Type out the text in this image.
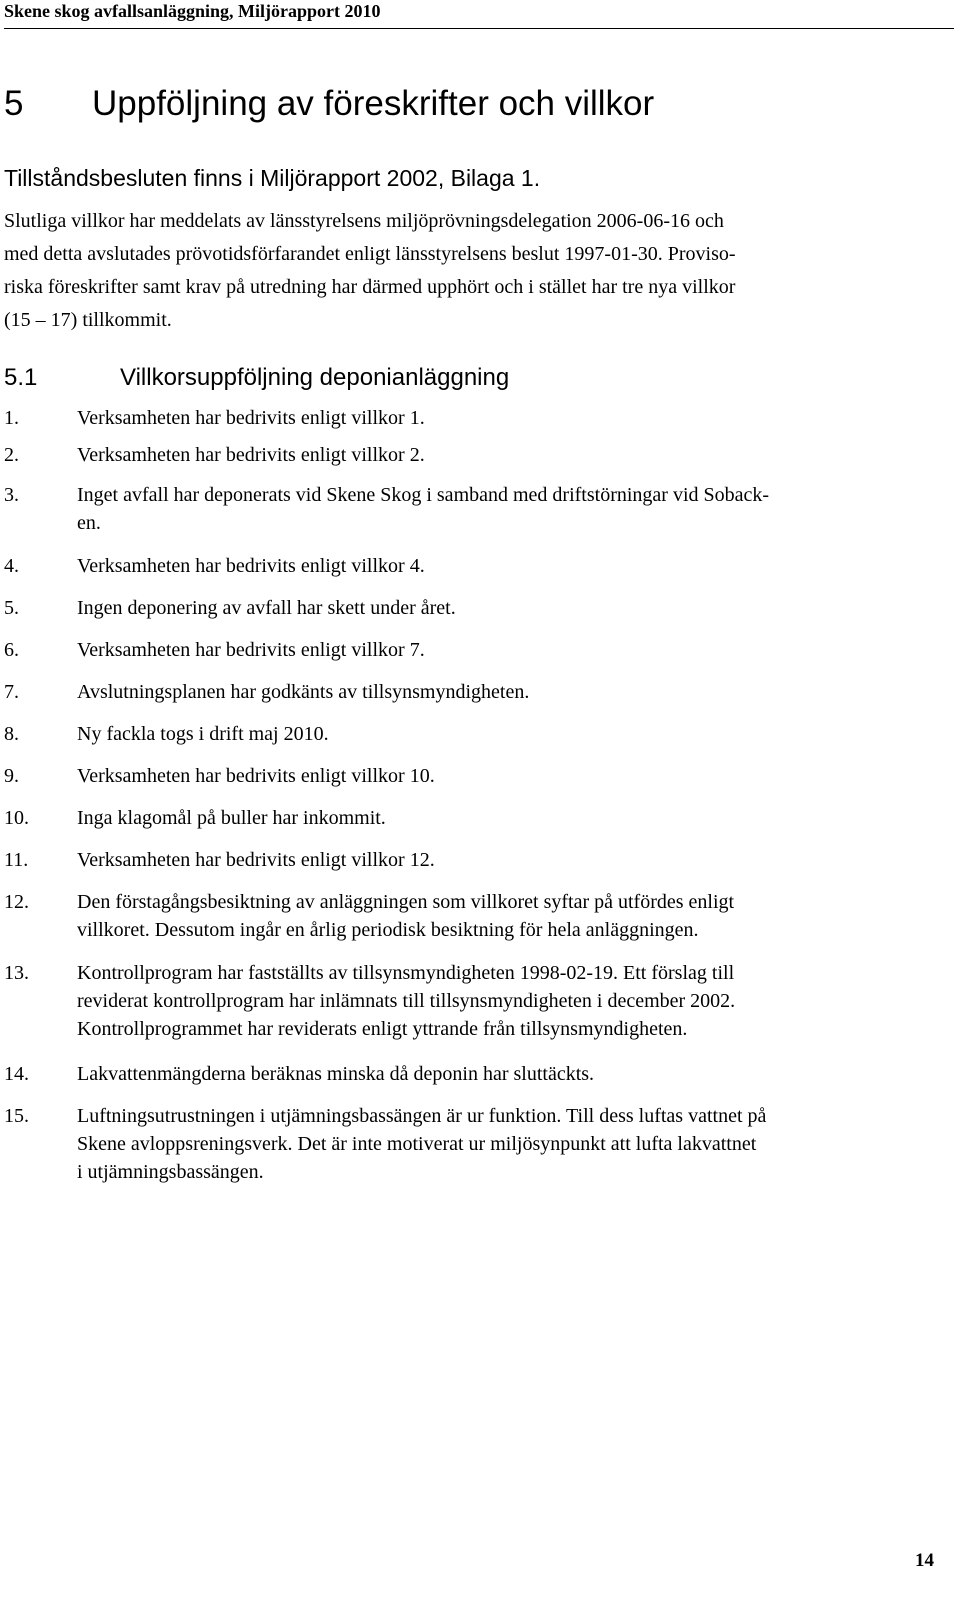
Skene skog avfallsanläggning, Miljörapport 2010
5 Uppföljning av föreskrifter och villkor
Tillståndsbesluten finns i Miljörapport 2002, Bilaga 1.
Slutliga villkor har meddelats av länsstyrelsens miljöprövningsdelegation 2006-06-16 och
med detta avslutades prövotidsförfarandet enligt länsstyrelsens beslut 1997-01-30. Proviso-
riska föreskrifter samt krav på utredning har därmed upphört och i stället har tre nya villkor
(15 – 17) tillkommit.
5.1	Villkorsuppföljning deponianläggning
1.	Verksamheten har bedrivits enligt villkor 1.
2.	Verksamheten har bedrivits enligt villkor 2.
3.	Inget avfall har deponerats vid Skene Skog i samband med driftstörningar vid Soback-
en.
4.	Verksamheten har bedrivits enligt villkor 4.
5.	Ingen deponering av avfall har skett under året.
6.	Verksamheten har bedrivits enligt villkor 7.
7.	Avslutningsplanen har godkänts av tillsynsmyndigheten.
8.	Ny fackla togs i drift maj 2010.
9.	Verksamheten har bedrivits enligt villkor 10.
10. Inga klagomål på buller har inkommit.
11. Verksamheten har bedrivits enligt villkor 12.
12. Den förstagångsbesiktning av anläggningen som villkoret syftar på utfördes enligt
villkoret. Dessutom ingår en årlig periodisk besiktning för hela anläggningen.
13. Kontrollprogram har fastställts av tillsynsmyndigheten 1998-02-19. Ett förslag till
reviderat kontrollprogram har inlämnats till tillsynsmyndigheten i december 2002.
Kontrollprogrammet har reviderats enligt yttrande från tillsynsmyndigheten.
14. Lakvattenmängderna beräknas minska då deponin har sluttäckts.
15. Luftningsutrustningen i utjämningsbassängen är ur funktion. Till dess luftas vattnet på
Skene avloppsreningsverk. Det är inte motiverat ur miljösynpunkt att lufta lakvattnet
i utjämningsbassängen.
14
